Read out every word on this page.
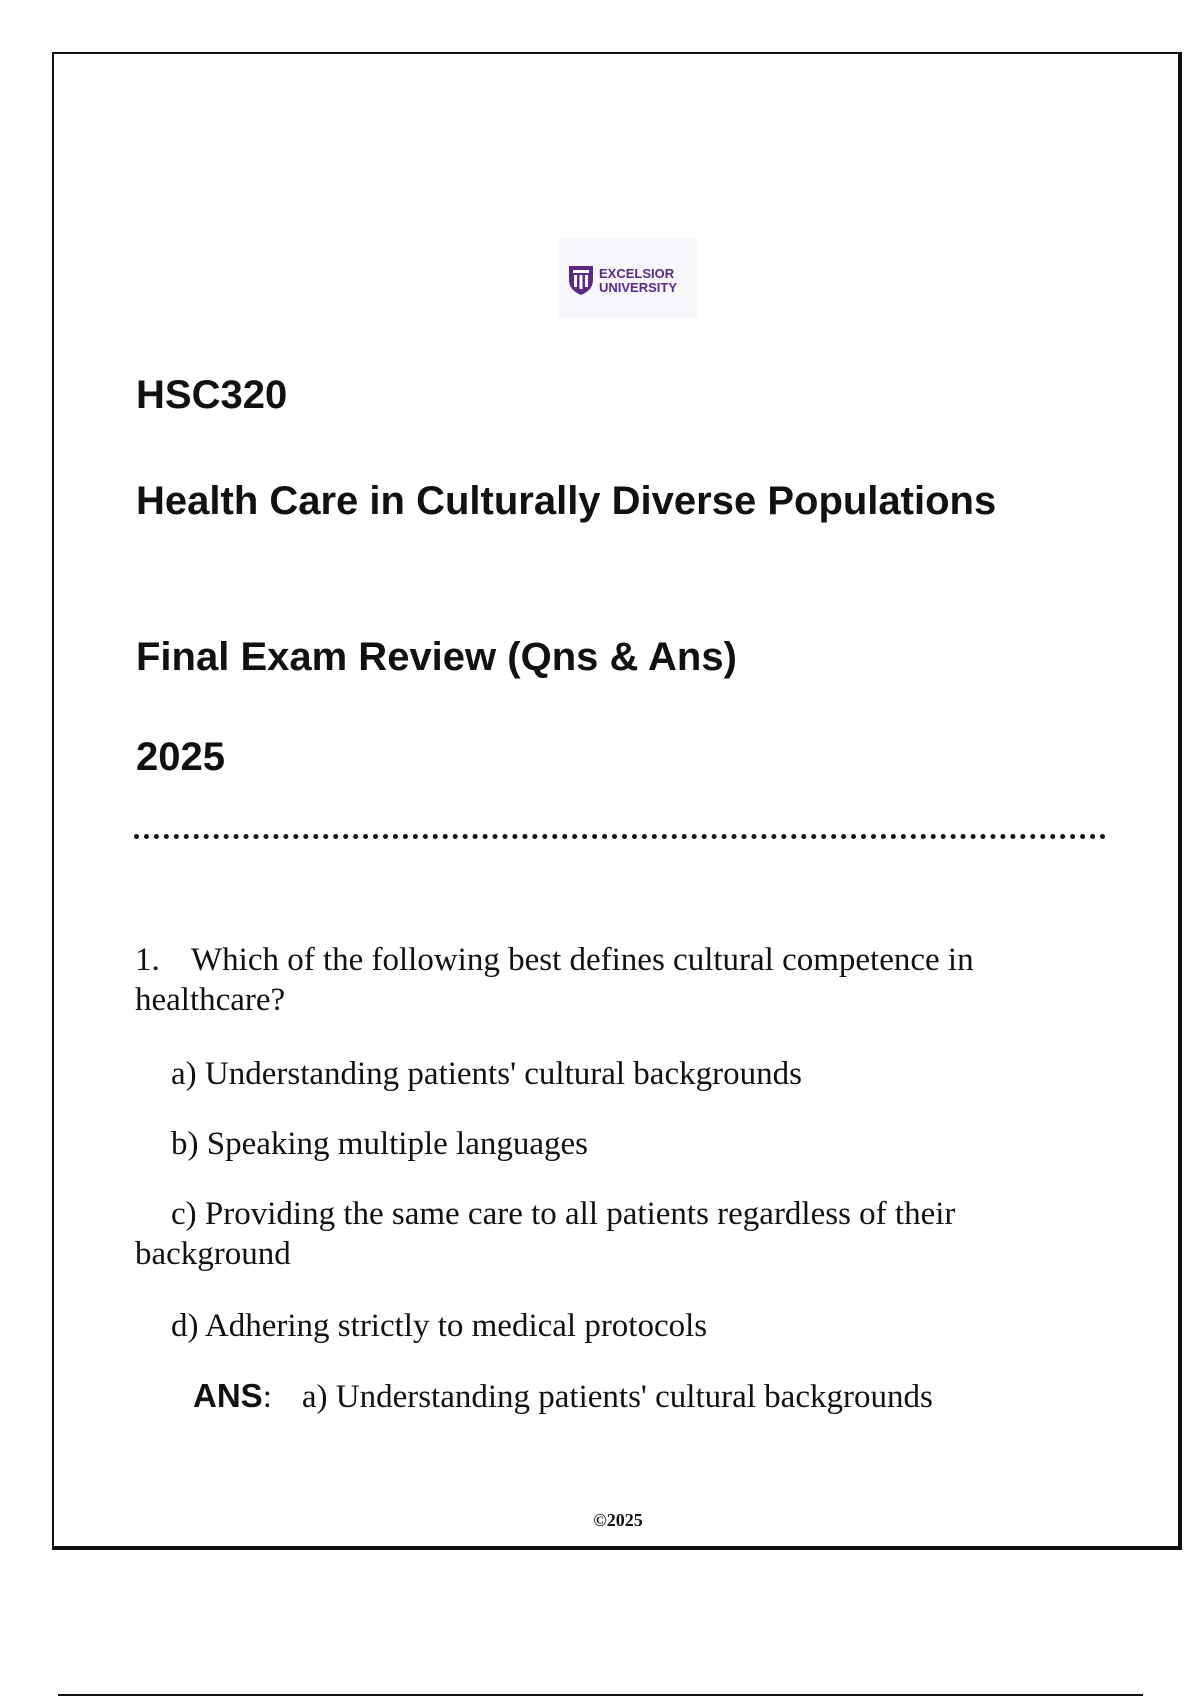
EXCELSIOR
UNIVERSITY
HSC320
Health Care in Culturally Diverse Populations
Final Exam Review (Qns & Ans)
2025
1. Which of the following best defines cultural competence in healthcare?
a) Understanding patients' cultural backgrounds
b) Speaking multiple languages
c) Providing the same care to all patients regardless of their background
d) Adhering strictly to medical protocols
ANS: a) Understanding patients' cultural backgrounds
©2025
